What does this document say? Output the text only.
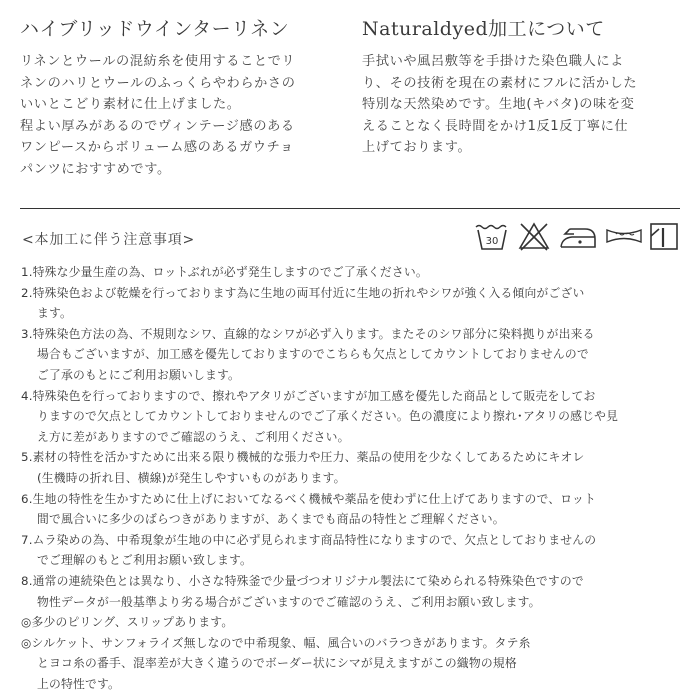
ハイブリッドウインターリネン

リネンとウールの混紡糸を使用することでリ
ネンのハリとウールのふっくらやわらかさの
いいとこどり素材に仕上げました。
程よい厚みがあるのでヴィンテージ感のある
ワンピースからボリューム感のあるガウチョ
パンツにおすすめです。

Naturaldyed加工について

手拭いや風呂敷等を手掛けた染色職人によ
り、その技術を現在の素材にフルに活かした
特別な天然染めです。生地(キバタ)の味を変
えることなく長時間をかけ1反1反丁寧に仕
上げております。

<本加工に伴う注意事項>	30
1.特殊な少量生産の為、ロットぶれが必ず発生しますのでご了承ください。
2.特殊染色および乾燥を行っております為に生地の両耳付近に生地の折れやシワが強く入る傾向がござい
ます。
3.特殊染色方法の為、不規則なシワ、直線的なシワが必ず入ります。またそのシワ部分に染料拠りが出来る
場合もございますが、加工感を優先しておりますのでこちらも欠点としてカウントしておりませんので
ご了承のもとにご利用お願いします。
4.特殊染色を行っておりますので、擦れやアタリがございますが加工感を優先した商品として販売をしてお
りますので欠点としてカウントしておりませんのでご了承ください。色の濃度により擦れ･アタリの感じや見
え方に差がありますのでご確認のうえ、ご利用ください。
5.素材の特性を活かすために出来る限り機械的な張力や圧力、薬品の使用を少なくしてあるためにキオレ
(生機時の折れ目、横線)が発生しやすいものがあります。
6.生地の特性を生かすために仕上げにおいてなるべく機械や薬品を使わずに仕上げてありますので、ロット
間で風合いに多少のばらつきがありますが、あくまでも商品の特性とご理解ください。
7.ムラ染めの為、中希現象が生地の中に必ず見られます商品特性になりますので、欠点としておりませんの
でご理解のもとご利用お願い致します。
8.通常の連続染色とは異なり、小さな特殊釜で少量づつオリジナル製法にて染められる特殊染色ですので
物性データが一般基準より劣る場合がございますのでご確認のうえ、ご利用お願い致します。
◎多少のピリング、スリップあります。
◎シルケット、サンフォライズ無しなので中希現象、幅、風合いのバラつきがあります。タテ糸
とヨコ糸の番手、混率差が大きく違うのでボーダー状にシマが見えますがこの織物の規格
上の特性です。
